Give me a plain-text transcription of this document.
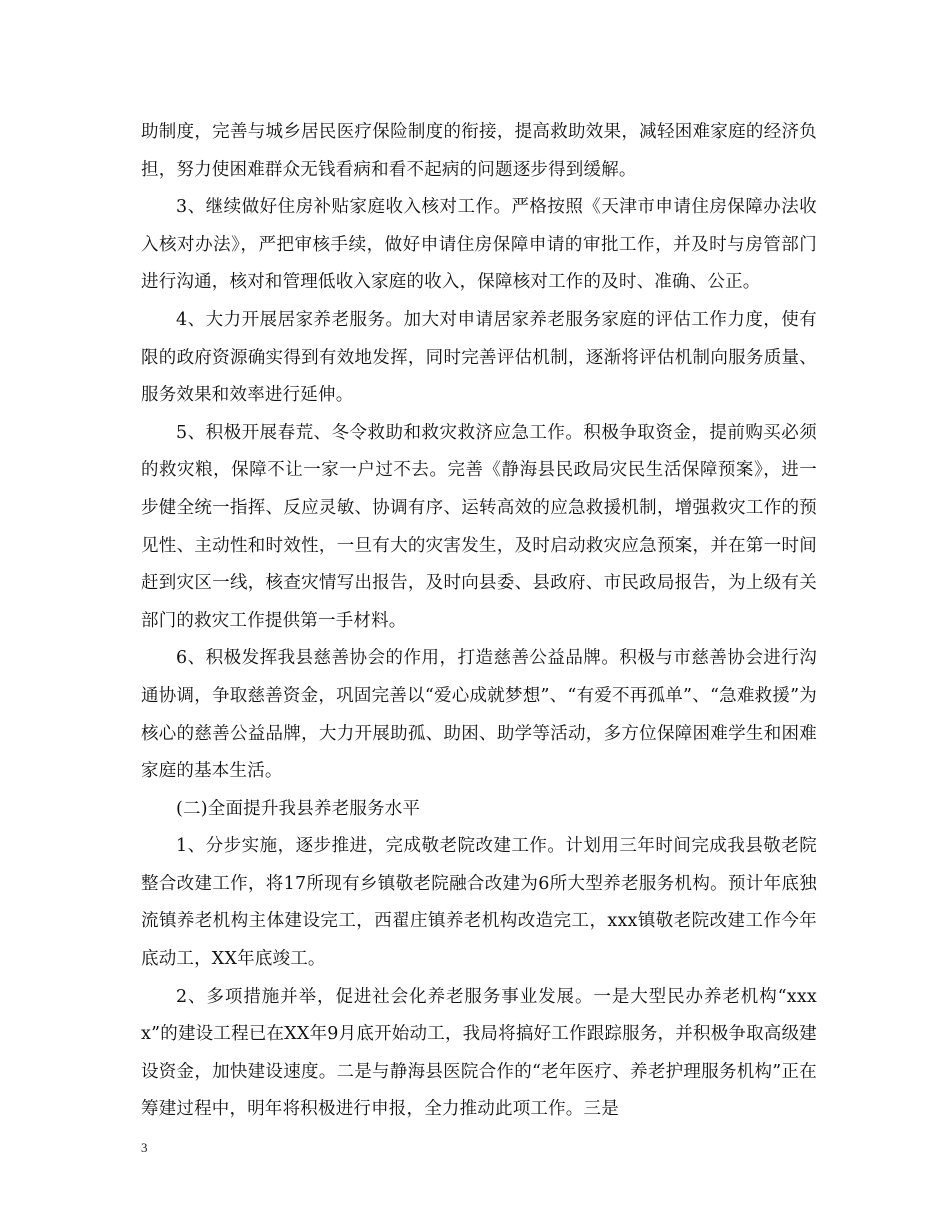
助制度，完善与城乡居民医疗保险制度的衔接，提高救助效果，减轻困难家庭的经济负担，努力使困难群众无钱看病和看不起病的问题逐步得到缓解。

3、继续做好住房补贴家庭收入核对工作。严格按照《天津市申请住房保障办法收入核对办法》，严把审核手续，做好申请住房保障申请的审批工作，并及时与房管部门进行沟通，核对和管理低收入家庭的收入，保障核对工作的及时、准确、公正。

4、大力开展居家养老服务。加大对申请居家养老服务家庭的评估工作力度，使有限的政府资源确实得到有效地发挥，同时完善评估机制，逐渐将评估机制向服务质量、服务效果和效率进行延伸。

5、积极开展春荒、冬令救助和救灾救济应急工作。积极争取资金，提前购买必须的救灾粮，保障不让一家一户过不去。完善《静海县民政局灾民生活保障预案》，进一步健全统一指挥、反应灵敏、协调有序、运转高效的应急救援机制，增强救灾工作的预见性、主动性和时效性，一旦有大的灾害发生，及时启动救灾应急预案，并在第一时间赶到灾区一线，核查灾情写出报告，及时向县委、县政府、市民政局报告，为上级有关部门的救灾工作提供第一手材料。

6、积极发挥我县慈善协会的作用，打造慈善公益品牌。积极与市慈善协会进行沟通协调，争取慈善资金，巩固完善以“爱心成就梦想”、“有爱不再孤单”、“急难救援”为核心的慈善公益品牌，大力开展助孤、助困、助学等活动，多方位保障困难学生和困难家庭的基本生活。

(二)全面提升我县养老服务水平

1、分步实施，逐步推进，完成敬老院改建工作。计划用三年时间完成我县敬老院整合改建工作，将17所现有乡镇敬老院融合改建为6所大型养老服务机构。预计年底独流镇养老机构主体建设完工，西翟庄镇养老机构改造完工，xxx镇敬老院改建工作今年底动工，XX年底竣工。

2、多项措施并举，促进社会化养老服务事业发展。一是大型民办养老机构“xxxx”的建设工程已在XX年9月底开始动工，我局将搞好工作跟踪服务，并积极争取高级建设资金，加快建设速度。二是与静海县医院合作的“老年医疗、养老护理服务机构”正在筹建过程中，明年将积极进行申报，全力推动此项工作。三是

3
